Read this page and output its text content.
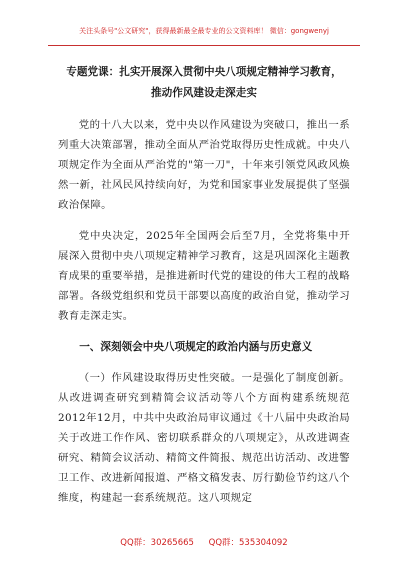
关注头条号"公文研究"，获得最新最全最专业的公文资料库！ 微信：gongwenyj

专题党课：扎实开展深入贯彻中央八项规定精神学习教育，

推动作风建设走深走实

党的十八大以来，党中央以作风建设为突破口，推出一系列重大决策部署，推动全面从严治党取得历史性成就。中央八项规定作为全面从严治党的"第一刀"，十年来引领党风政风焕然一新，社风民风持续向好，为党和国家事业发展提供了坚强政治保障。

党中央决定，2025年全国两会后至7月，全党将集中开展深入贯彻中央八项规定精神学习教育，这是巩固深化主题教育成果的重要举措，是推进新时代党的建设的伟大工程的战略部署。各级党组织和党员干部要以高度的政治自觉，推动学习教育走深走实。

一、深刻领会中央八项规定的政治内涵与历史意义

（一）作风建设取得历史性突破。一是强化了制度创新。从改进调查研究到精简会议活动等八个方面构建系统规范2012年12月，中共中央政治局审议通过《十八届中央政治局关于改进工作作风、密切联系群众的八项规定》，从改进调查研究、精简会议活动、精简文件简报、规范出访活动、改进警卫工作、改进新闻报道、严格文稿发表、厉行勤俭节约这八个维度，构建起一套系统规范。这八项规定

QQ群：30265665 QQ群：535304092
